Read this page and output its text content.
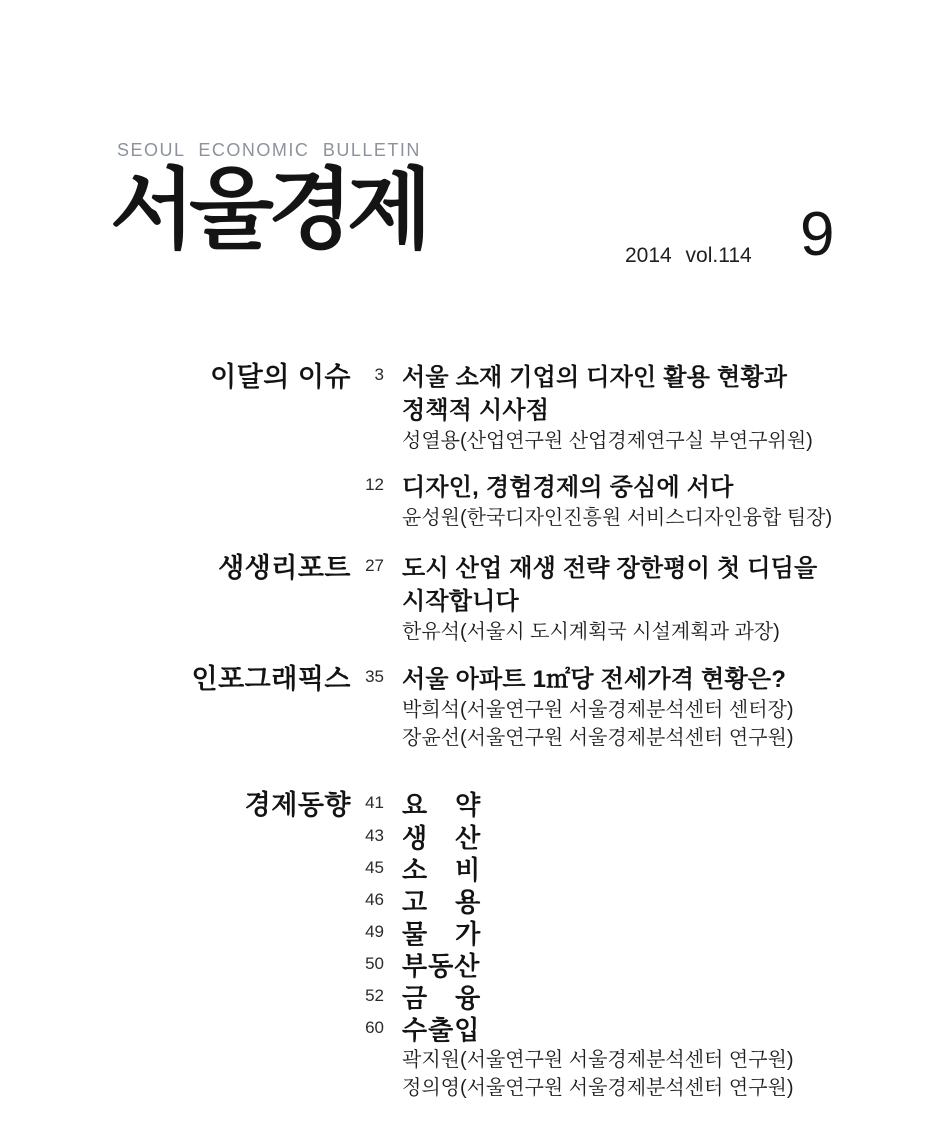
SEOUL ECONOMIC BULLETIN
서울경제	2014 vol.114 9
이달의 이슈	3 서울 소재 기업의 디자인 활용 현황과
정책적 시사점
성열용(산업연구원 산업경제연구실 부연구위원)
12 디자인, 경험경제의 중심에 서다
윤성원(한국디자인진흥원 서비스디자인융합 팀장)
생생리포트 27 도시 산업 재생 전략 장한평이 첫 디딤을
시작합니다
한유석(서울시 도시계획국 시설계획과 과장)
인포그래픽스 35 서울 아파트 1㎡당 전세가격 현황은?
박희석(서울연구원 서울경제분석센터 센터장)
장윤선(서울연구원 서울경제분석센터 연구원)
경제동향 41 요　약
43 생　산
45 소　비
46 고　용
49 물　가
50 부동산
52 금　융
60 수출입
곽지원(서울연구원 서울경제분석센터 연구원)
정의영(서울연구원 서울경제분석센터 연구원)
